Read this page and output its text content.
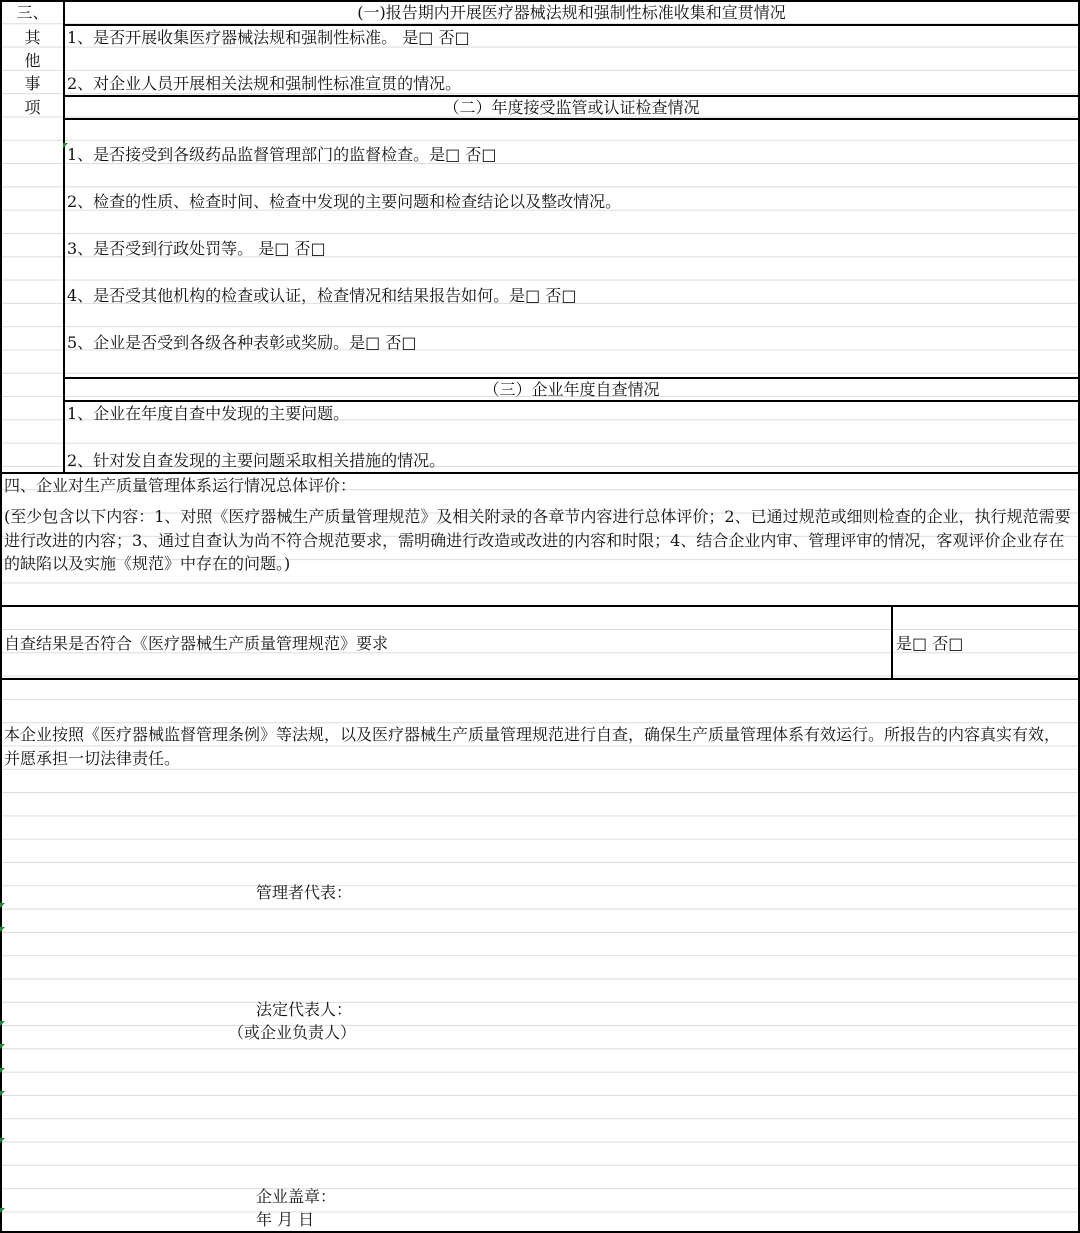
三、
其
他
事
项
(一)报告期内开展医疗器械法规和强制性标准收集和宣贯情况
1、是否开展收集医疗器械法规和强制性标准。 是□ 否□
2、对企业人员开展相关法规和强制性标准宣贯的情况。
（二）年度接受监管或认证检查情况
1、是否接受到各级药品监督管理部门的监督检查。是□ 否□
2、检查的性质、检查时间、检查中发现的主要问题和检查结论以及整改情况。
3、是否受到行政处罚等。 是□ 否□
4、是否受其他机构的检查或认证，检查情况和结果报告如何。是□ 否□
5、企业是否受到各级各种表彰或奖励。是□ 否□
（三）企业年度自查情况
1、企业在年度自查中发现的主要问题。
2、针对发自查发现的主要问题采取相关措施的情况。
四、企业对生产质量管理体系运行情况总体评价：
(至少包含以下内容：1、对照《医疗器械生产质量管理规范》及相关附录的各章节内容进行总体评价；2、已通过规范或细则检查的企业，执行规范需要进行改进的内容；3、通过自查认为尚不符合规范要求，需明确进行改造或改进的内容和时限；4、结合企业内审、管理评审的情况，客观评价企业存在的缺陷以及实施《规范》中存在的问题。)
自查结果是否符合《医疗器械生产质量管理规范》要求	是□ 否□
本企业按照《医疗器械监督管理条例》等法规，以及医疗器械生产质量管理规范进行自查，确保生产质量管理体系有效运行。所报告的内容真实有效，并愿承担一切法律责任。
管理者代表：
法定代表人：
（或企业负责人）
企业盖章：
年 月 日
